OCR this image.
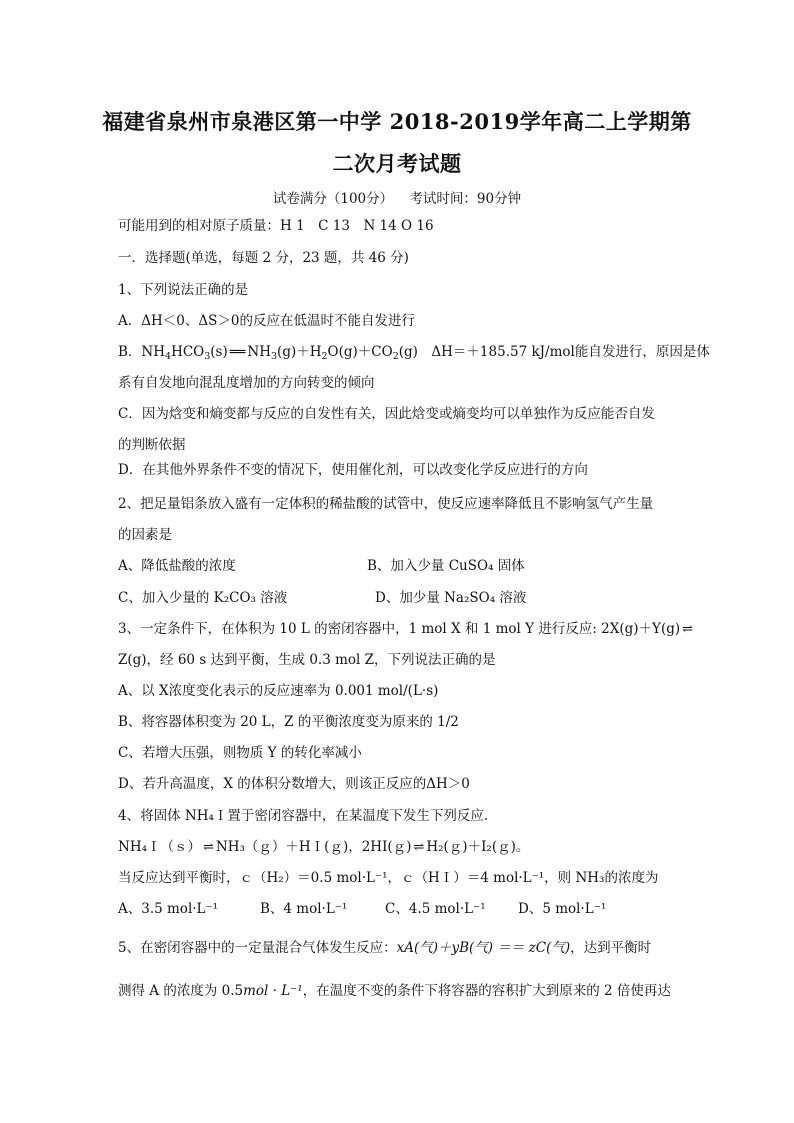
福建省泉州市泉港区第一中学 2018-2019学年高二上学期第
二次月考试题
试卷满分（100分） 考试时间：90分钟
可能用到的相对原子质量：H 1　C 13　N 14 O 16
一．选择题(单选，每题 2 分，23 题，共 46 分)
1、下列说法正确的是
A．ΔH＜0、ΔS＞0的反应在低温时不能自发进行
B．$NH_4HCO_3(s)$ ══ $NH_3(g)+H_2O(g)+CO_2(g)$　ΔH＝＋185.57 kJ/mol能自发进行，原因是体
系有自发地向混乱度增加的方向转变的倾向
C．因为焓变和熵变都与反应的自发性有关，因此焓变或熵变均可以单独作为反应能否自发
的判断依据
D．在其他外界条件不变的情况下，使用催化剂，可以改变化学反应进行的方向
2、把足量铝条放入盛有一定体积的稀盐酸的试管中，使反应速率降低且不影响氢气产生量
的因素是
A、降低盐酸的浓度	B、加入少量 CuSO₄ 固体
C、加入少量的 K₂CO₃ 溶液	D、加少量 Na₂SO₄ 溶液
3、一定条件下，在体积为 10 L 的密闭容器中，1 mol X 和 1 mol Y 进行反应: 2X(g)＋Y(g) ⇌
Z(g)，经 60 s 达到平衡，生成 0.3 mol Z，下列说法正确的是
A、以 X浓度变化表示的反应速率为 0.001 mol/(L·s)
B、将容器体积变为 20 L，Z 的平衡浓度变为原来的 1/2
C、若增大压强，则物质 Y 的转化率减小
D、若升高温度，X 的体积分数增大，则该正反应的ΔH＞0
4、将固体 NH₄Ｉ置于密闭容器中，在某温度下发生下列反应.
NH₄Ｉ（ｓ） ⇌ NH₃（ｇ）＋HＩ(ｇ)，2HI(ｇ) ⇌ H₂(ｇ)＋I₂(ｇ)。
当反应达到平衡时，ｃ（H₂）＝0.5 mol·L⁻¹，ｃ（HＩ）＝4 mol·L⁻¹，则 NH₃的浓度为
A、3.5 mol·L⁻¹	B、4 mol·L⁻¹	C、4.5 mol·L⁻¹ D、5 mol·L⁻¹
5、在密闭容器中的一定量混合气体发生反应：xA(气)＋yB(气) ＝＝ zC(气)，达到平衡时
测得 A 的浓度为 0.5mol · L⁻¹，在温度不变的条件下将容器的容积扩大到原来的 2 倍使再达
